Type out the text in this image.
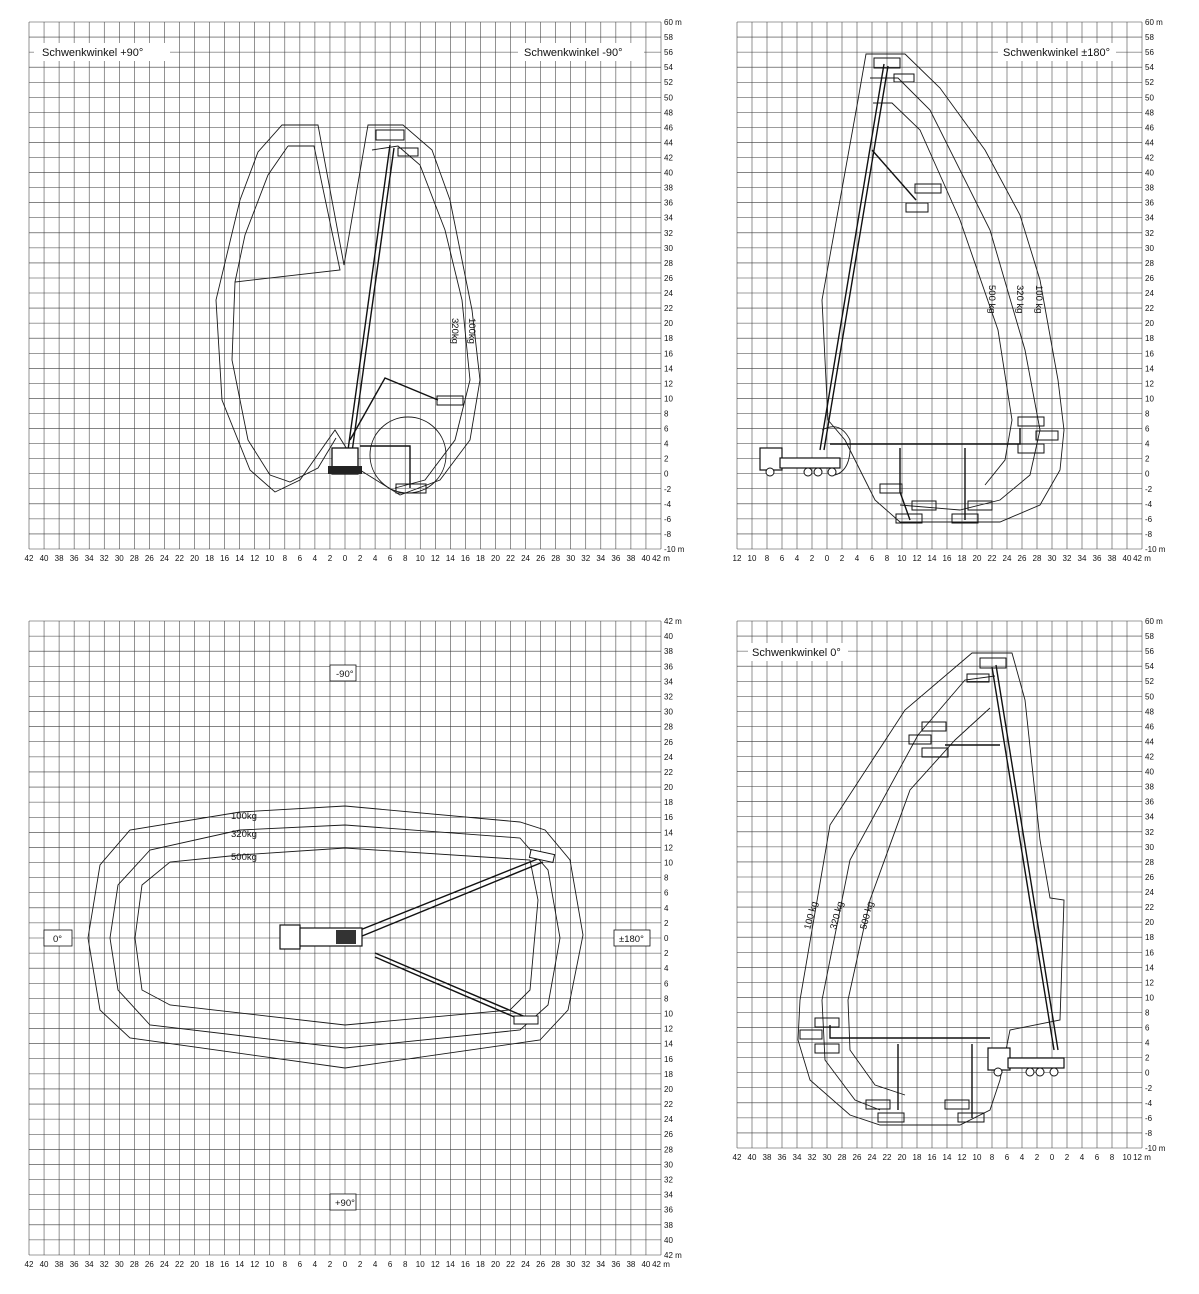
60 m
58
56
54
52
50
48
46
44
42
40
38
36
34
32
30
28
26
24
22
20
18
16
14
12
10
8
6
4
2
0
-2
-4
-6
-8
-10 m
42 40 38 36 34 32 30 28 26 24 22 20 18 16 14 12 10 8 6 4 2 0 2 4 6 8 10 12 14 16 18 20 22 24 26 28 30 32 34 36 38 40 42 m
320kg 100kg
Schwenkwinkel +90°	Schwenkwinkel -90°
60 m
58
56
54
52
50
48
46
44
42
40
38
36
34
32
30
28
26
24
22
20
18
16
14
12
10
8
6
4
2
0
-2
-4
-6
-8
-10 m
12 10 8 6 4 2 0 2 4 6 8 10 12 14 16 18 20 22 24 26 28 30 32 34 36 38 40 42 m
500 kg 320 kg 100 kg
Schwenkwinkel ±180°
42 m
40
38
36
34
32
30
28
26
24
22
20
18
16
14
12
10
8
6
4
2
0
2
4
6
8
10
12
14
16
18
20
22
24
26
28
30
32
34
36
38
40
42 m
42 40 38 36 34 32 30 28 26 24 22 20 18 16 14 12 10 8 6 4 2 0 2 4 6 8 10 12 14 16 18 20 22 24 26 28 30 32 34 36 38 40 42 m
100kg
320kg
500kg
-90°
+90°
0°	±180°
60 m
58
56
54
52
50
48
46
44
42
40
38
36
34
32
30
28
26
24
22
20
18
16
14
12
10
8
6
4
2
0
-2
-4
-6
-8
-10 m
42 40 38 36 34 32 30 28 26 24 22 20 18 16 14 12 10 8 6 4 2 0 2 4 6 8 10 12 m
100 kg 320 kg 500 kg
Schwenkwinkel 0°
